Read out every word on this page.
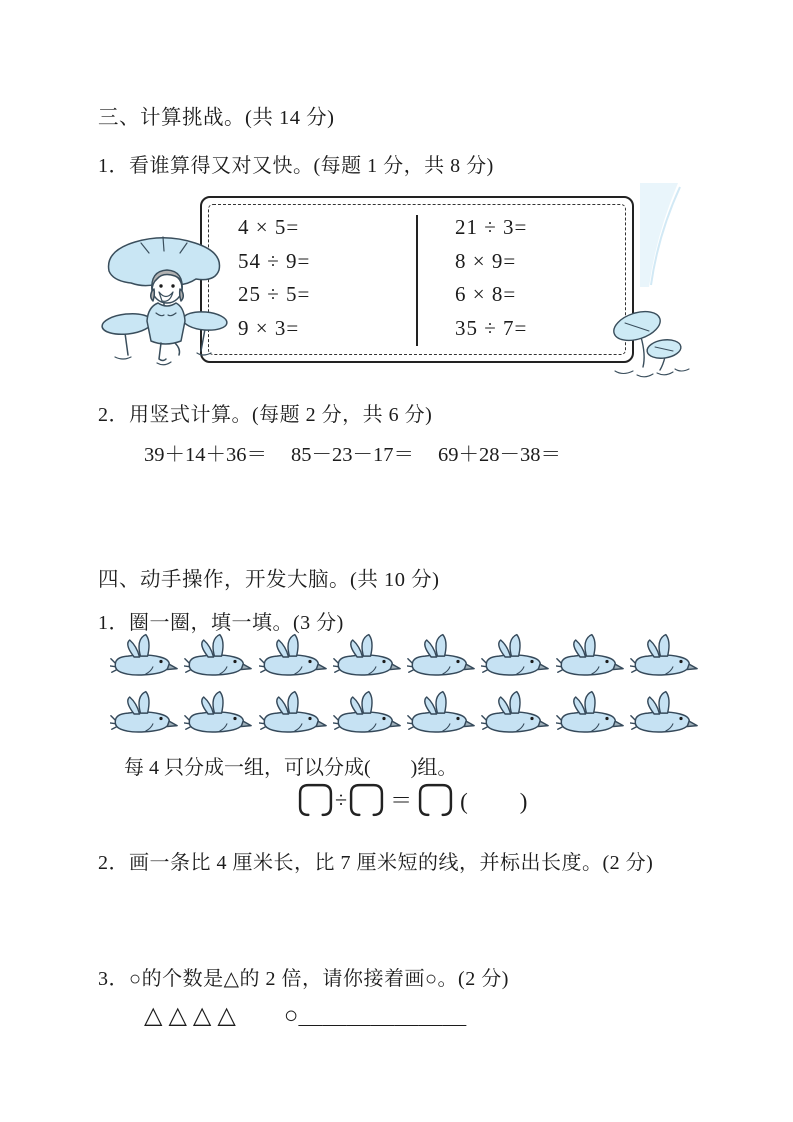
三、计算挑战。(共 14 分)
1．看谁算得又对又快。(每题 1 分，共 8 分)
4 × 5=
54 ÷ 9=
25 ÷ 5=
9 × 3=
21 ÷ 3=
8 × 9=
6 × 8=
35 ÷ 7=
2．用竖式计算。(每题 2 分，共 6 分)
39＋14＋36＝ 85－23－17＝ 69＋28－38＝
四、动手操作，开发大脑。(共 10 分)
1．圈一圈，填一填。(3 分)
每 4 只分成一组，可以分成(　　)组。
÷ ＝ (　　)
2．画一条比 4 厘米长，比 7 厘米短的线，并标出长度。(2 分)
3．○的个数是△的 2 倍，请你接着画○。(2 分)
△△△△ ○＿＿＿＿＿＿＿
